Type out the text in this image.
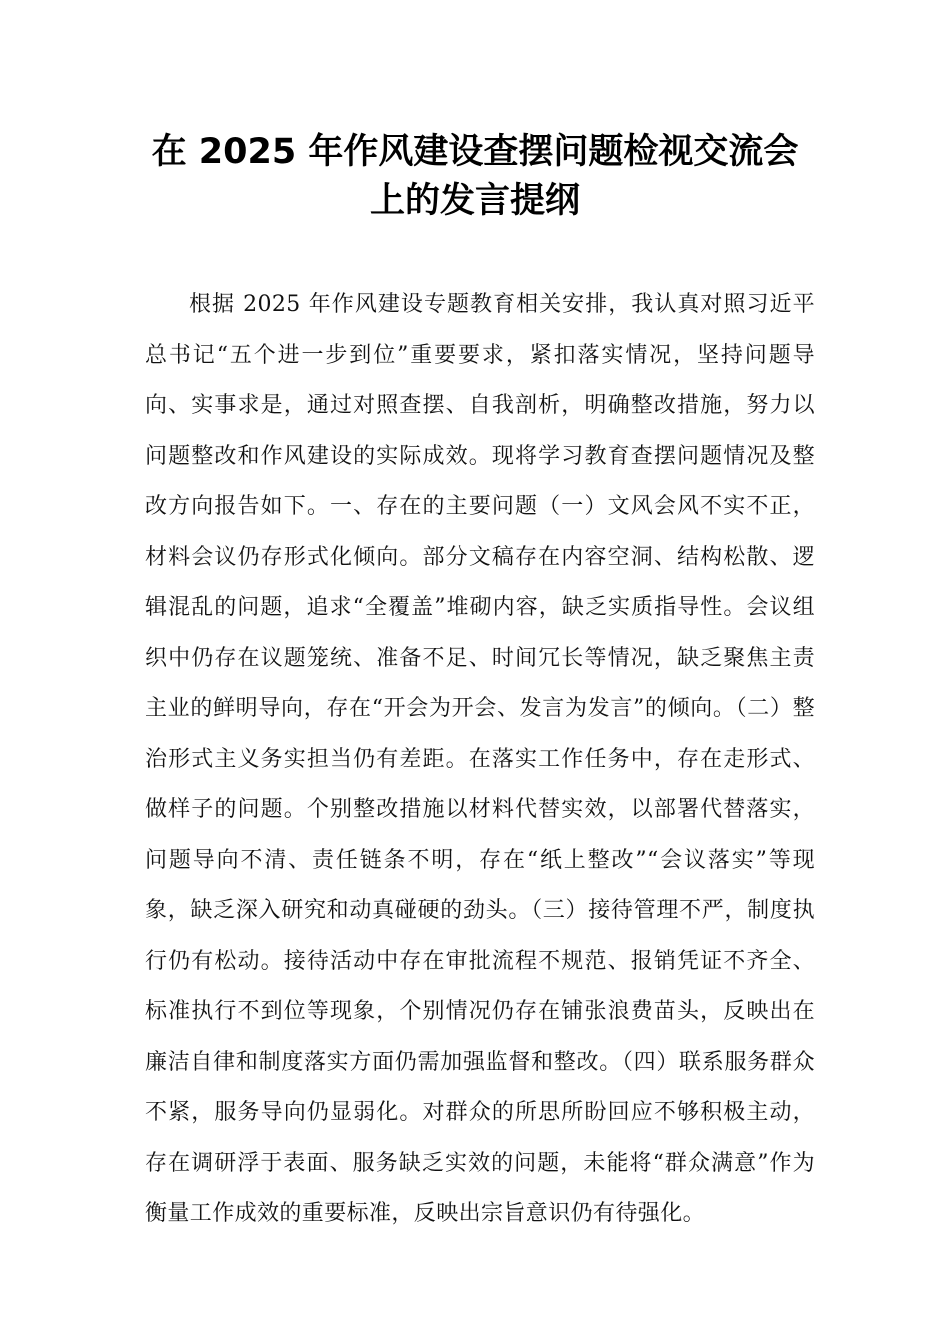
在 2025 年作风建设查摆问题检视交流会上的发言提纲

根据 2025 年作风建设专题教育相关安排，我认真对照习近平总书记“五个进一步到位”重要要求，紧扣落实情况，坚持问题导向、实事求是，通过对照查摆、自我剖析，明确整改措施，努力以问题整改和作风建设的实际成效。现将学习教育查摆问题情况及整改方向报告如下。一、存在的主要问题（一）文风会风不实不正，材料会议仍存形式化倾向。部分文稿存在内容空洞、结构松散、逻辑混乱的问题，追求“全覆盖”堆砌内容，缺乏实质指导性。会议组织中仍存在议题笼统、准备不足、时间冗长等情况，缺乏聚焦主责主业的鲜明导向，存在“开会为开会、发言为发言”的倾向。（二）整治形式主义务实担当仍有差距。在落实工作任务中，存在走形式、做样子的问题。个别整改措施以材料代替实效，以部署代替落实，问题导向不清、责任链条不明，存在“纸上整改”“会议落实”等现象，缺乏深入研究和动真碰硬的劲头。（三）接待管理不严，制度执行仍有松动。接待活动中存在审批流程不规范、报销凭证不齐全、标准执行不到位等现象，个别情况仍存在铺张浪费苗头，反映出在廉洁自律和制度落实方面仍需加强监督和整改。（四）联系服务群众不紧，服务导向仍显弱化。对群众的所思所盼回应不够积极主动，存在调研浮于表面、服务缺乏实效的问题，未能将“群众满意”作为衡量工作成效的重要标准，反映出宗旨意识仍有待强化。
